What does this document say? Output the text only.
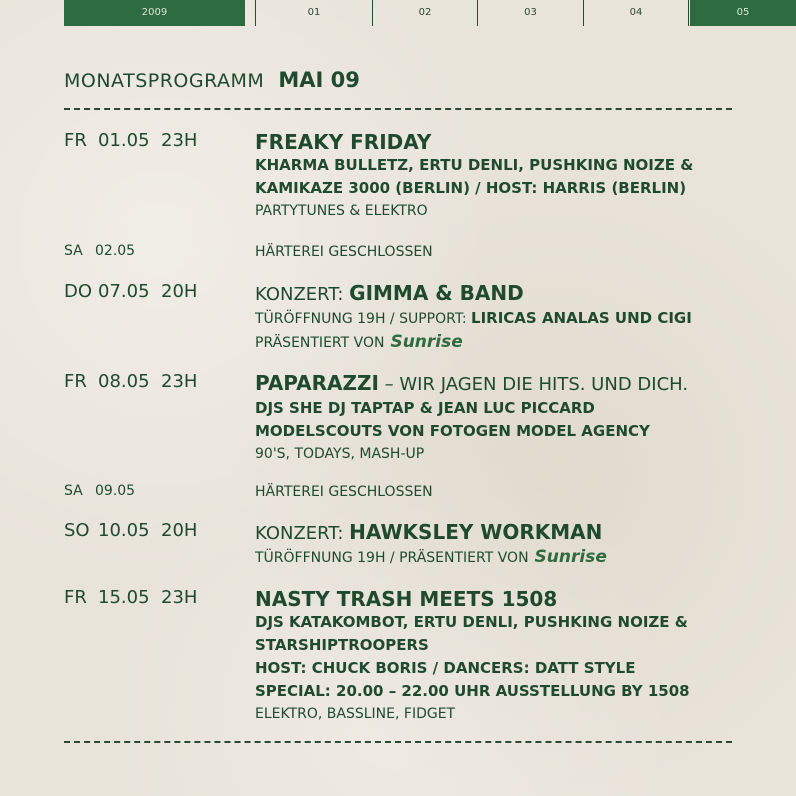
2009	01	02	03	04	05
MONATSPROGRAMM MAI 09
FR 01.05 23H	FREAKY FRIDAY
KHARMA BULLETZ, ERTU DENLI, PUSHKING NOIZE &
KAMIKAZE 3000 (BERLIN) / HOST: HARRIS (BERLIN)
PARTYTUNES & ELEKTRO
SA 02.05	HÄRTEREI GESCHLOSSEN
DO 07.05 20H	KONZERT: GIMMA & BAND
TÜRÖFFNUNG 19H / SUPPORT: LIRICAS ANALAS UND CIGI
PRÄSENTIERT VON Sunrise
FR 08.05 23H	PAPARAZZI – WIR JAGEN DIE HITS. UND DICH.
DJS SHE DJ TAPTAP & JEAN LUC PICCARD
MODELSCOUTS VON FOTOGEN MODEL AGENCY
90'S, TODAYS, MASH-UP
SA 09.05	HÄRTEREI GESCHLOSSEN
SO 10.05 20H	KONZERT: HAWKSLEY WORKMAN
TÜRÖFFNUNG 19H / PRÄSENTIERT VON Sunrise
FR 15.05 23H	NASTY TRASH MEETS 1508
DJS KATAKOMBOT, ERTU DENLI, PUSHKING NOIZE &
STARSHIPTROOPERS
HOST: CHUCK BORIS / DANCERS: DATT STYLE
SPECIAL: 20.00 – 22.00 UHR AUSSTELLUNG BY 1508
ELEKTRO, BASSLINE, FIDGET
